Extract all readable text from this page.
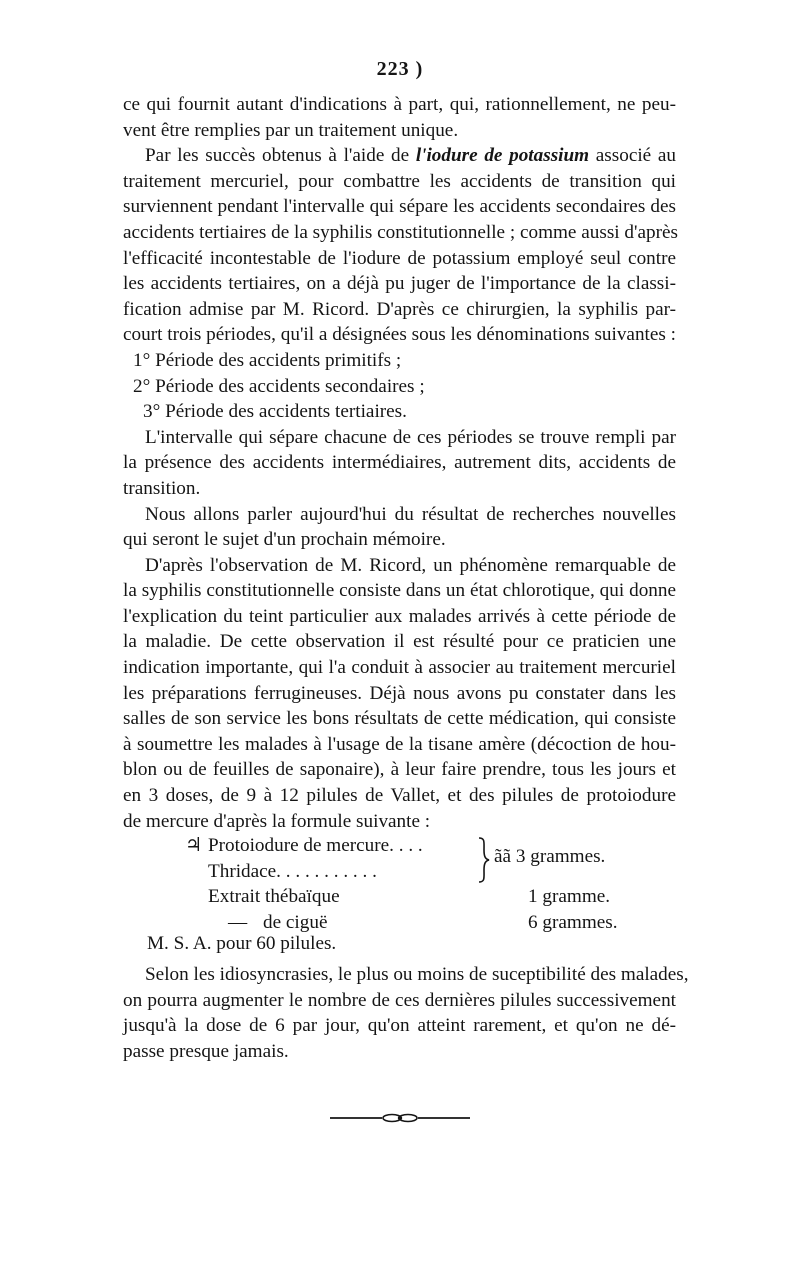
223 )
ce qui fournit autant d'indications à part, qui, rationnellement, ne peu-
vent être remplies par un traitement unique.
Par les succès obtenus à l'aide de l'iodure de potassium associé au
traitement mercuriel, pour combattre les accidents de transition qui
surviennent pendant l'intervalle qui sépare les accidents secondaires des
accidents tertiaires de la syphilis constitutionnelle ; comme aussi d'après
l'efficacité incontestable de l'iodure de potassium employé seul contre
les accidents tertiaires, on a déjà pu juger de l'importance de la classi-
fication admise par M. Ricord. D'après ce chirurgien, la syphilis par-
court trois périodes, qu'il a désignées sous les dénominations suivantes :
1° Période des accidents primitifs ;
2° Période des accidents secondaires ;
3° Période des accidents tertiaires.
L'intervalle qui sépare chacune de ces périodes se trouve rempli par
la présence des accidents intermédiaires, autrement dits, accidents de
transition.
Nous allons parler aujourd'hui du résultat de recherches nouvelles
qui seront le sujet d'un prochain mémoire.
D'après l'observation de M. Ricord, un phénomène remarquable de
la syphilis constitutionnelle consiste dans un état chlorotique, qui donne
l'explication du teint particulier aux malades arrivés à cette période de
la maladie. De cette observation il est résulté pour ce praticien une
indication importante, qui l'a conduit à associer au traitement mercuriel
les préparations ferrugineuses. Déjà nous avons pu constater dans les
salles de son service les bons résultats de cette médication, qui consiste
à soumettre les malades à l'usage de la tisane amère (décoction de hou-
blon ou de feuilles de saponaire), à leur faire prendre, tous les jours et
en 3 doses, de 9 à 12 pilules de Vallet, et des pilules de protoiodure
de mercure d'après la formule suivante :
♃ Protoiodure de mercure. . . .
Thridace. . . . . . . . . . .
Extrait thébaïque	1 gramme.
— de ciguë	6 grammes.
ãã 3 grammes.
M. S. A. pour 60 pilules.
Selon les idiosyncrasies, le plus ou moins de suceptibilité des malades,
on pourra augmenter le nombre de ces dernières pilules successivement
jusqu'à la dose de 6 par jour, qu'on atteint rarement, et qu'on ne dé-
passe presque jamais.
